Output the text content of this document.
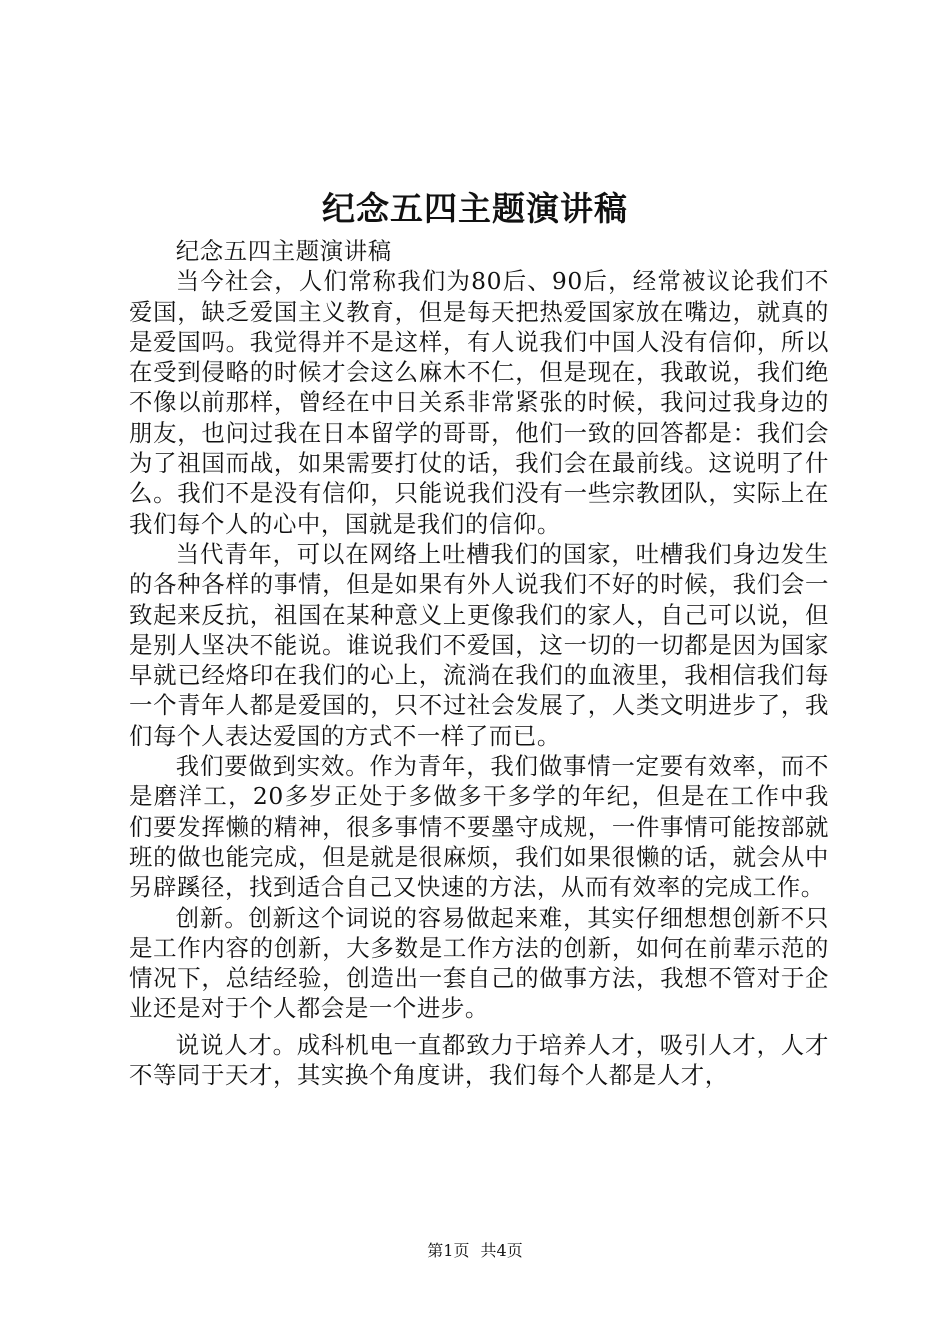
纪念五四主题演讲稿

纪念五四主题演讲稿

当今社会，人们常称我们为80后、90后，经常被议论我们不爱国，缺乏爱国主义教育，但是每天把热爱国家放在嘴边，就真的是爱国吗。我觉得并不是这样，有人说我们中国人没有信仰，所以在受到侵略的时候才会这么麻木不仁，但是现在，我敢说，我们绝不像以前那样，曾经在中日关系非常紧张的时候，我问过我身边的朋友，也问过我在日本留学的哥哥，他们一致的回答都是：我们会为了祖国而战，如果需要打仗的话，我们会在最前线。这说明了什么。我们不是没有信仰，只能说我们没有一些宗教团队，实际上在我们每个人的心中，国就是我们的信仰。

当代青年，可以在网络上吐槽我们的国家，吐槽我们身边发生的各种各样的事情，但是如果有外人说我们不好的时候，我们会一致起来反抗，祖国在某种意义上更像我们的家人，自己可以说，但是别人坚决不能说。谁说我们不爱国，这一切的一切都是因为国家早就已经烙印在我们的心上，流淌在我们的血液里，我相信我们每一个青年人都是爱国的，只不过社会发展了，人类文明进步了，我们每个人表达爱国的方式不一样了而已。

我们要做到实效。作为青年，我们做事情一定要有效率，而不是磨洋工，20多岁正处于多做多干多学的年纪，但是在工作中我们要发挥懒的精神，很多事情不要墨守成规，一件事情可能按部就班的做也能完成，但是就是很麻烦，我们如果很懒的话，就会从中另辟蹊径，找到适合自己又快速的方法，从而有效率的完成工作。

创新。创新这个词说的容易做起来难，其实仔细想想创新不只是工作内容的创新，大多数是工作方法的创新，如何在前辈示范的情况下，总结经验，创造出一套自己的做事方法，我想不管对于企业还是对于个人都会是一个进步。

说说人才。成科机电一直都致力于培养人才，吸引人才，人才不等同于天才，其实换个角度讲，我们每个人都是人才，

第1页 共4页
